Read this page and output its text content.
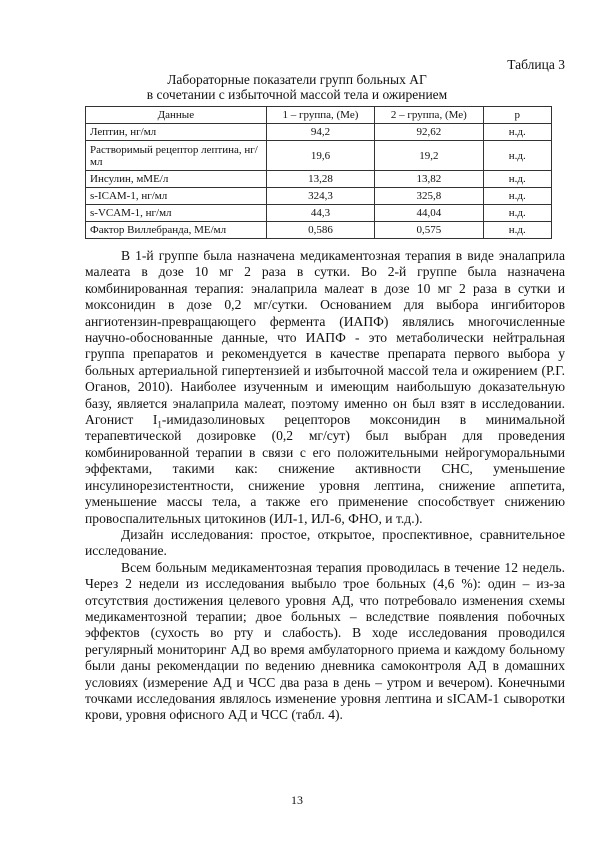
Таблица 3
Лабораторные показатели групп больных АГ
в сочетании с избыточной массой тела и ожирением
Данные	1 – группа, (Ме)	2 – группа, (Ме)	р
Лептин, нг/мл	94,2	92,62	н.д.
Растворимый рецептор лептина, нг/мл	19,6	19,2	н.д.
Инсулин, мМЕ/л	13,28	13,82	н.д.
s-ICAM-1, нг/мл	324,3	325,8	н.д.
s-VCAM-1, нг/мл	44,3	44,04	н.д.
Фактор Виллебранда, МЕ/мл	0,586	0,575	н.д.

В 1-й группе была назначена медикаментозная терапия в виде эналаприла малеата в дозе 10 мг 2 раза в сутки. Во 2-й группе была назначена комбинированная терапия: эналаприла малеат в дозе 10 мг 2 раза в сутки и моксонидин в дозе 0,2 мг/сутки. Основанием для выбора ингибиторов ангиотензин-превращающего фермента (ИАПФ) являлись многочисленные научно-обоснованные данные, что ИАПФ - это метаболически нейтральная группа препаратов и рекомендуется в качестве препарата первого выбора у больных артериальной гипертензией и избыточной массой тела и ожирением (Р.Г. Оганов, 2010). Наиболее изученным и имеющим наибольшую доказательную базу, является эналаприла малеат, поэтому именно он был взят в исследовании. Агонист $I_1$-имидазолиновых рецепторов моксонидин в минимальной терапевтической дозировке (0,2 мг/сут) был выбран для проведения комбинированной терапии в связи с его положительными нейрогуморальными эффектами, такими как: снижение активности СНС, уменьшение инсулинорезистентности, снижение уровня лептина, снижение аппетита, уменьшение массы тела, а также его применение способствует снижению провоспалительных цитокинов (ИЛ-1, ИЛ-6, ФНО, и т.д.).

Дизайн исследования: простое, открытое, проспективное, сравнительное исследование.

Всем больным медикаментозная терапия проводилась в течение 12 недель. Через 2 недели из исследования выбыло трое больных (4,6 %): один – из-за отсутствия достижения целевого уровня АД, что потребовало изменения схемы медикаментозной терапии; двое больных – вследствие появления побочных эффектов (сухость во рту и слабость). В ходе исследования проводился регулярный мониторинг АД во время амбулаторного приема и каждому больному были даны рекомендации по ведению дневника самоконтроля АД в домашних условиях (измерение АД и ЧСС два раза в день – утром и вечером). Конечными точками исследования являлось изменение уровня лептина и sICAM-1 сыворотки крови, уровня офисного АД и ЧСС (табл. 4).

13
